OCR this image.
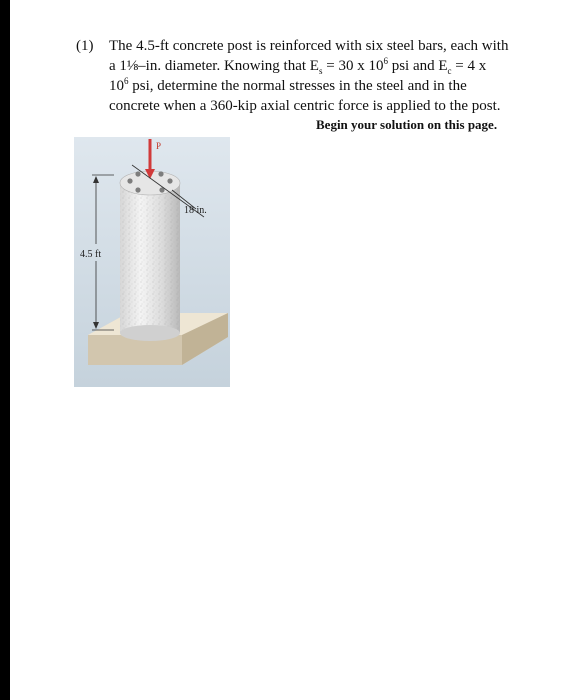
(1) The 4.5-ft concrete post is reinforced with six steel bars, each with
a 1⅛–in. diameter. Knowing that $E_s = 30$ x $10^6$ psi and $E_c = 4$ x
$10^6$ psi, determine the normal stresses in the steel and in the
concrete when a 360-kip axial centric force is applied to the post.
Begin your solution on this page.
P
18 in.
4.5 ft
